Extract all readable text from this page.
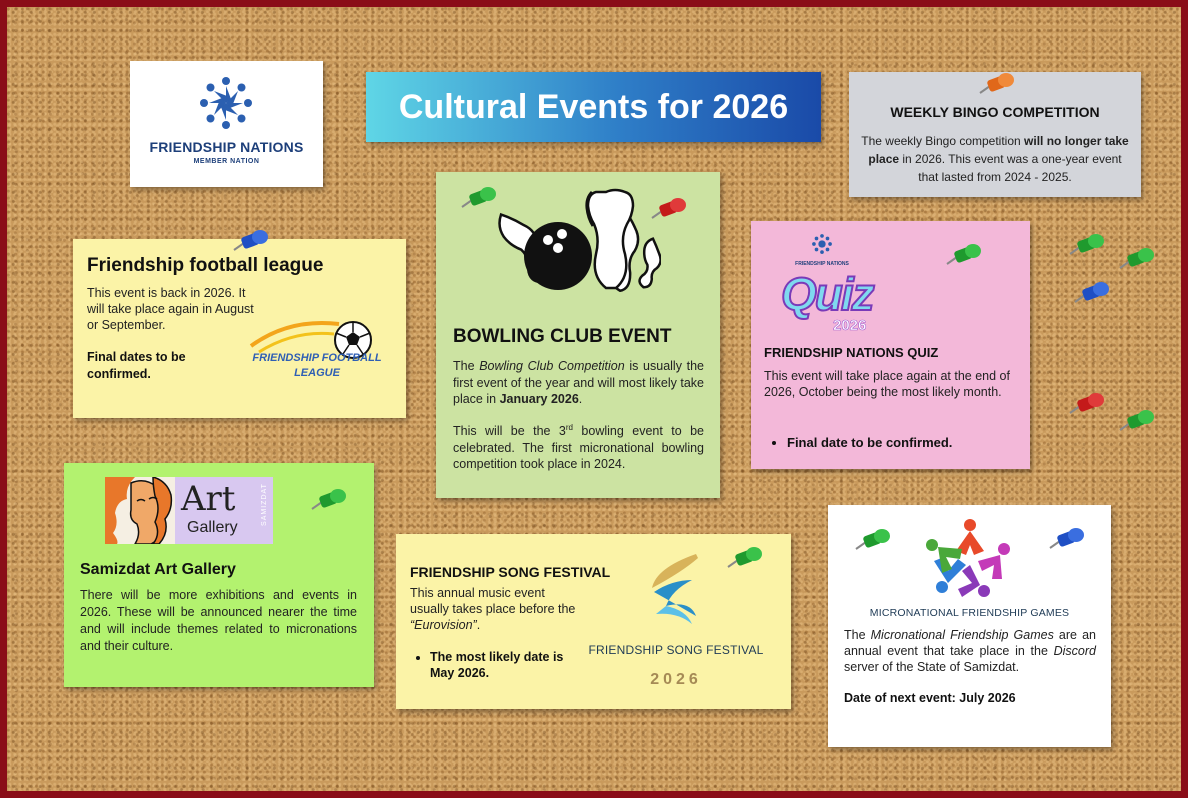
FRIENDSHIP NATIONS
MEMBER NATION
Cultural Events for 2026	WEEKLY BINGO COMPETITION

The weekly Bingo competition will no longer take place in 2026. This event was a one-year event that lasted from 2024 - 2025.

Friendship football league
This event is back in 2026. It will take place again in August or September.
Final dates to be confirmed.
FRIENDSHIP FOOTBALL LEAGUE
BOWLING CLUB EVENT

The Bowling Club Competition is usually the first event of the year and will most likely take place in January 2026.

This will be the 3rd bowling event to be celebrated. The first micronational bowling competition took place in 2024.

FRIENDSHIP NATIONS
Quiz
2026
FRIENDSHIP NATIONS QUIZ

This event will take place again at the end of 2026, October being the most likely month.

• Final date to be confirmed.
Art
Gallery
SAMIZDAT
Samizdat Art Gallery

There will be more exhibitions and events in 2026. These will be announced nearer the time and will include themes related to micronations and their culture.

FRIENDSHIP SONG FESTIVAL

This annual music event usually takes place before the “Eurovision”.

• The most likely date is May 2026.
FRIENDSHIP SONG FESTIVAL
2026
MICRONATIONAL FRIENDSHIP GAMES

The Micronational Friendship Games are an annual event that take place in the Discord server of the State of Samizdat.

Date of next event: July 2026
